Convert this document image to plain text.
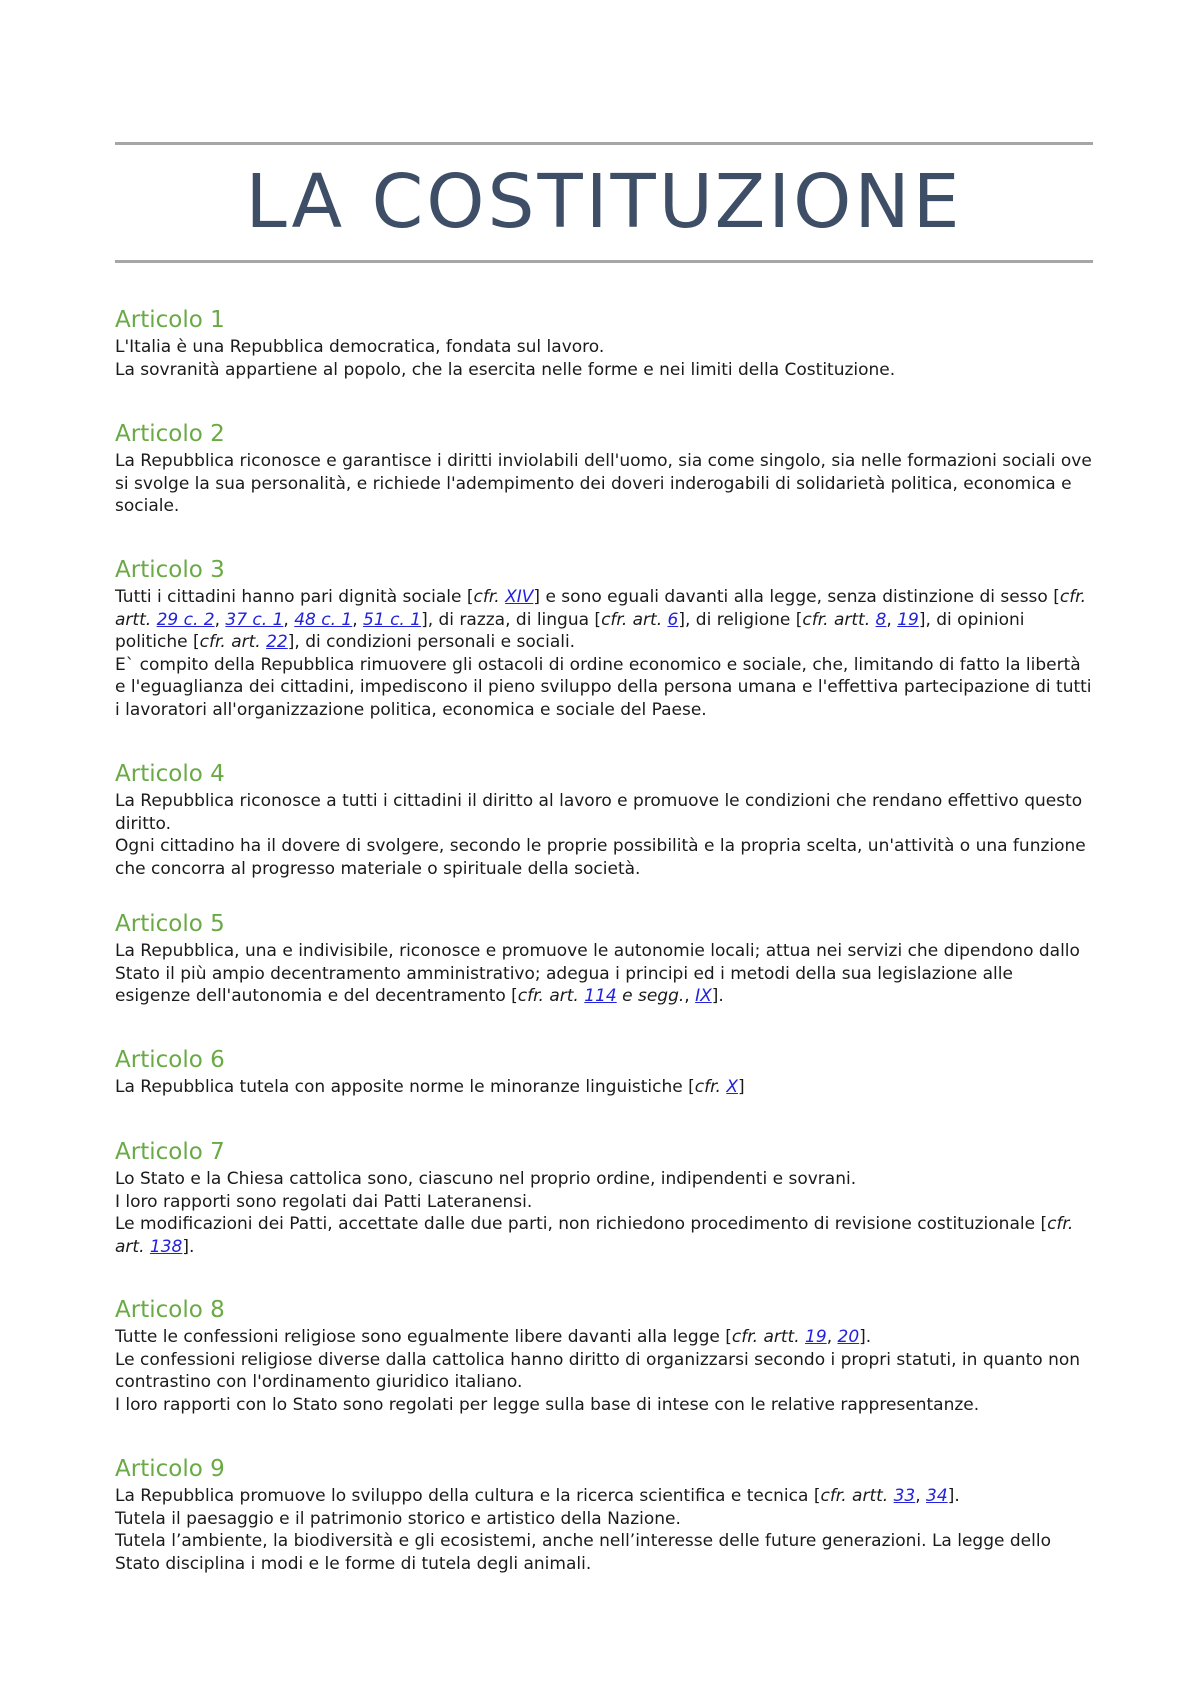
LA COSTITUZIONE
Articolo 1

L'Italia è una Repubblica democratica, fondata sul lavoro.

La sovranità appartiene al popolo, che la esercita nelle forme e nei limiti della Costituzione.

Articolo 2

La Repubblica riconosce e garantisce i diritti inviolabili dell'uomo, sia come singolo, sia nelle formazioni sociali ove si svolge la sua personalità, e richiede l'adempimento dei doveri inderogabili di solidarietà politica, economica e sociale.

Articolo 3

Tutti i cittadini hanno pari dignità sociale [cfr. XIV] e sono eguali davanti alla legge, senza distinzione di sesso [cfr. artt. 29 c. 2, 37 c. 1, 48 c. 1, 51 c. 1], di razza, di lingua [cfr. art. 6], di religione [cfr. artt. 8, 19], di opinioni politiche [cfr. art. 22], di condizioni personali e sociali.

E` compito della Repubblica rimuovere gli ostacoli di ordine economico e sociale, che, limitando di fatto la libertà e l'eguaglianza dei cittadini, impediscono il pieno sviluppo della persona umana e l'effettiva partecipazione di tutti i lavoratori all'organizzazione politica, economica e sociale del Paese.

Articolo 4

La Repubblica riconosce a tutti i cittadini il diritto al lavoro e promuove le condizioni che rendano effettivo questo diritto.

Ogni cittadino ha il dovere di svolgere, secondo le proprie possibilità e la propria scelta, un'attività o una funzione che concorra al progresso materiale o spirituale della società.

Articolo 5

La Repubblica, una e indivisibile, riconosce e promuove le autonomie locali; attua nei servizi che dipendono dallo Stato il più ampio decentramento amministrativo; adegua i principi ed i metodi della sua legislazione alle esigenze dell'autonomia e del decentramento [cfr. art. 114 e segg., IX].

Articolo 6

La Repubblica tutela con apposite norme le minoranze linguistiche [cfr. X]

Articolo 7

Lo Stato e la Chiesa cattolica sono, ciascuno nel proprio ordine, indipendenti e sovrani.

I loro rapporti sono regolati dai Patti Lateranensi.

Le modificazioni dei Patti, accettate dalle due parti, non richiedono procedimento di revisione costituzionale [cfr. art. 138].

Articolo 8

Tutte le confessioni religiose sono egualmente libere davanti alla legge [cfr. artt. 19, 20].

Le confessioni religiose diverse dalla cattolica hanno diritto di organizzarsi secondo i propri statuti, in quanto non contrastino con l'ordinamento giuridico italiano.

I loro rapporti con lo Stato sono regolati per legge sulla base di intese con le relative rappresentanze.

Articolo 9

La Repubblica promuove lo sviluppo della cultura e la ricerca scientifica e tecnica [cfr. artt. 33, 34].

Tutela il paesaggio e il patrimonio storico e artistico della Nazione.

Tutela l’ambiente, la biodiversità e gli ecosistemi, anche nell’interesse delle future generazioni. La legge dello Stato disciplina i modi e le forme di tutela degli animali.
